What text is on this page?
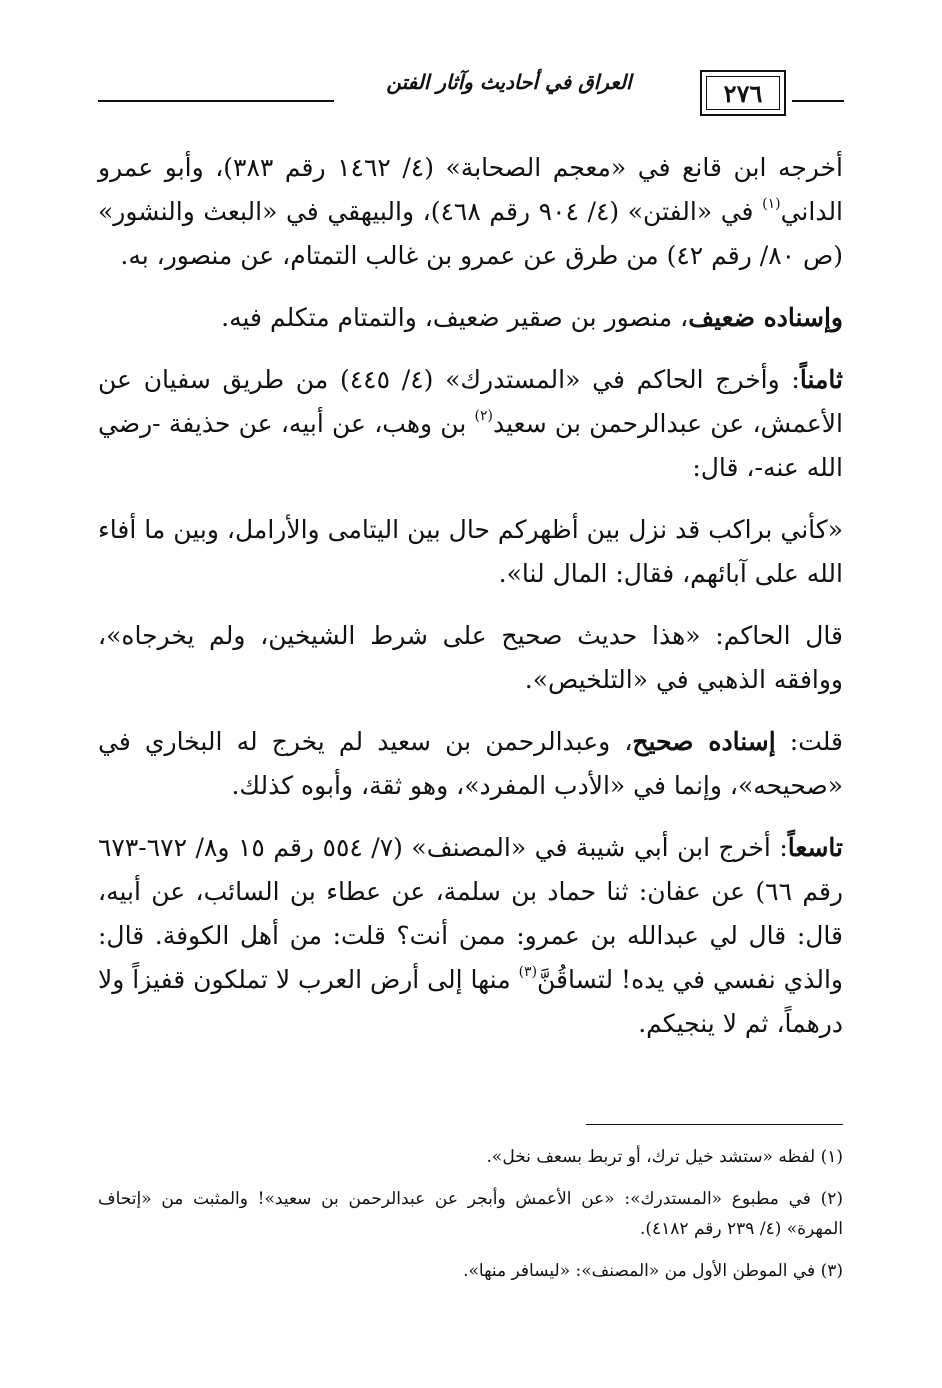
العراق في أحاديث وآثار الفتن	٢٧٦

أخرجه ابن قانع في «معجم الصحابة» (٤/ ١٤٦٢ رقم ٣٨٣)، وأبو عمرو الداني$^{(١)}$ في «الفتن» (٤/ ٩٠٤ رقم ٤٦٨)، والبيهقي في «البعث والنشور» (ص ٨٠/ رقم ٤٢) من طرق عن عمرو بن غالب التمتام، عن منصور، به.

وإسناده ضعيف، منصور بن صقير ضعيف، والتمتام متكلم فيه.

ثامناً: وأخرج الحاكم في «المستدرك» (٤/ ٤٤٥) من طريق سفيان عن الأعمش، عن عبدالرحمن بن سعيد$^{(٢)}$ بن وهب، عن أبيه، عن حذيفة -رضي الله عنه-، قال:

«كأني براكب قد نزل بين أظهركم حال بين اليتامى والأرامل، وبين ما أفاء الله على آبائهم، فقال: المال لنا».

قال الحاكم: «هذا حديث صحيح على شرط الشيخين، ولم يخرجاه»، ووافقه الذهبي في «التلخيص».

قلت: إسناده صحيح، وعبدالرحمن بن سعيد لم يخرج له البخاري في «صحيحه»، وإنما في «الأدب المفرد»، وهو ثقة، وأبوه كذلك.

تاسعاً: أخرج ابن أبي شيبة في «المصنف» (٧/ ٥٥٤ رقم ١٥ و٨/ ٦٧٢-٦٧٣ رقم ٦٦) عن عفان: ثنا حماد بن سلمة، عن عطاء بن السائب، عن أبيه، قال: قال لي عبدالله بن عمرو: ممن أنت؟ قلت: من أهل الكوفة. قال: والذي نفسي في يده! لتساقُنَّ$^{(٣)}$ منها إلى أرض العرب لا تملكون قفيزاً ولا درهماً، ثم لا ينجيكم.

(١) لفظه «ستشد خيل ترك، أو تربط بسعف نخل».

(٢) في مطبوع «المستدرك»: «عن الأعمش وأبجر عن عبدالرحمن بن سعيد»! والمثبت من «إتحاف المهرة» (٤/ ٢٣٩ رقم ٤١٨٢).

(٣) في الموطن الأول من «المصنف»: «ليسافر منها».
